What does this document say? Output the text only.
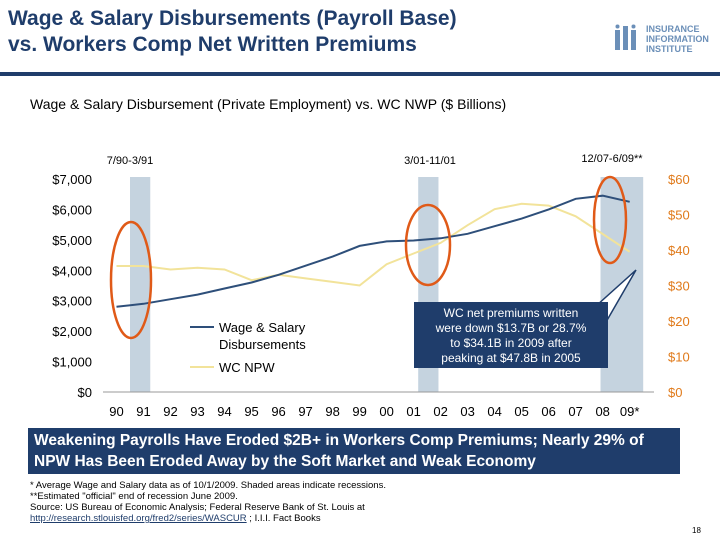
Wage & Salary Disbursements (Payroll Base)
vs. Workers Comp Net Written Premiums
INSURANCE
INFORMATION
INSTITUTE
Wage & Salary Disbursement (Private Employment) vs. WC NWP ($ Billions)
7/90-3/91	3/01-11/01	12/07-6/09**
$0
$1,000
$2,000
$3,000
$4,000
$5,000
$6,000
$7,000
$0
$10
$20
$30
$40
$50
$60
90 91 92 93 94 95 96 97 98 99 00 01 02 03 04 05 06 07 08 09*
Wage & Salary
Disbursements
WC NPW
WC net premiums written
were down $13.7B or 28.7%
to $34.1B in 2009 after
peaking at $47.8B in 2005
Weakening Payrolls Have Eroded $2B+ in Workers Comp Premiums; Nearly 29% of NPW Has Been Eroded Away by the Soft Market and Weak Economy
* Average Wage and Salary data as of 10/1/2009. Shaded areas indicate recessions.
**Estimated "official" end of recession June 2009.
Source: US Bureau of Economic Analysis; Federal Reserve Bank of St. Louis at
http://research.stlouisfed.org/fred2/series/WASCUR ; I.I.I. Fact Books
18
